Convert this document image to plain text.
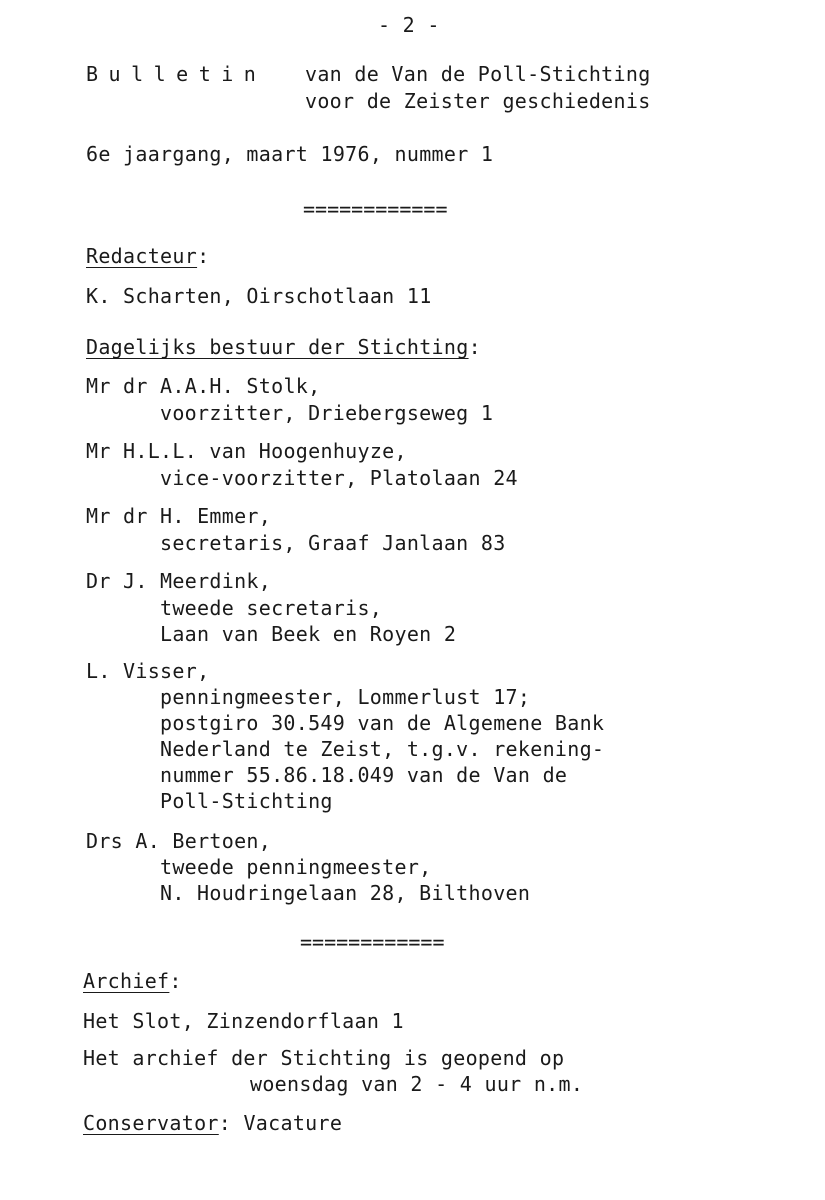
- 2 -
Bulletin van de Van de Poll-Stichting
voor de Zeister geschiedenis
6e jaargang, maart 1976, nummer 1
============
Redacteur:
K. Scharten, Oirschotlaan 11
Dagelijks bestuur der Stichting:
Mr dr A.A.H. Stolk,
voorzitter, Driebergseweg 1
Mr H.L.L. van Hoogenhuyze,
vice-voorzitter, Platolaan 24
Mr dr H. Emmer,
secretaris, Graaf Janlaan 83
Dr J. Meerdink,
tweede secretaris,
Laan van Beek en Royen 2
L. Visser,
penningmeester, Lommerlust 17;
postgiro 30.549 van de Algemene Bank
Nederland te Zeist, t.g.v. rekening-
nummer 55.86.18.049 van de Van de
Poll-Stichting
Drs A. Bertoen,
tweede penningmeester,
N. Houdringelaan 28, Bilthoven
============
Archief:
Het Slot, Zinzendorflaan 1
Het archief der Stichting is geopend op
woensdag van 2 - 4 uur n.m.
Conservator: Vacature
